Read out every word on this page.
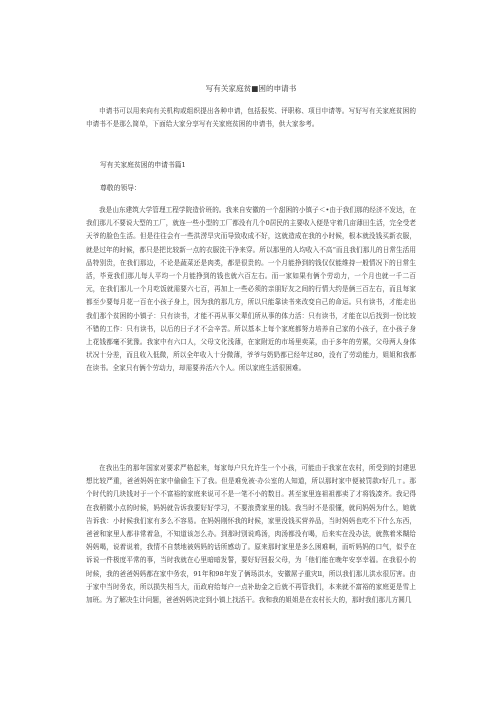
写有关家庭贫■困的申请书

申请书可以用来向有关机构或组织提出各种申请，包括报奖、评职称、项目申请等。写好写有关家庭贫困的申请书不是那么简单，下面给大家分享写有关家庭贫困的申请书，供大家参考。

写有关家庭贫困的申请书篇1
尊敬的领导：

我是山东建筑大学管理工程学院造价班的。我来自安徽的一个甜困的小镇子＜•由于我们那的经济不发达，在我们那儿不要说大型的工厂，就连一些小型的工厂都没有几个0居民的主要收入便是守着几亩薄田生活，完全受老天爷的脸色生活。但是往往会有一些洪涝旱灾而导致收成不好，这就造成在我的小时候，根本就没钱买新衣服，就是过年的时候，都只是把比较新一点的衣服洗干净来穿。所以那里的人均收入不高“而且我们那儿的日常生活用品特别贵，在我们那边，不论是蔬菜还是肉类，都是很贵的。一个月能挣到的钱仅仅能维持一般情况下的日常生活，毕竟我们那儿每人平均一个月能挣到的钱也就六百左右。而一家如果有俩个劳动力，一个月也就一千二百元，在我们那儿一个月吃饭就需要六七百，再加上一些必须的亲朋好友之间的行情大约是俩三百左右，而且每家都至少要每月花一百在小孩子身上，因为我的那几方，所以只能靠读书来改变自己的命运。只有读书，才能走出我们那个贫困的小镇子：只有读书，才能不再从事父辈们所从事的体力活：只有读书，才能在以后找到一份比较不错的工作：只有读书，以后的日子才不会辛苦。所以基本上每个家庭都努力培养自己家的小孩子，在小孩子身上花钱都毫不犹豫。我家中有六口人，父母文化浅薄，在家附近的市场里卖菜，由于多年的劳累，父母两人身体状况十分差，而且收入低微，所以全年收入十分微薄，爷爷与奶奶都已经年过80，没有了劳动能力，姐姐和我都在读书。全家只有俩个劳动力，却需要养活六个人。所以家庭生活很困难。

在我出生的那年国家对要求严格起来，每家每户只允许生一个小孩，可能由于我家在农村，所受到的封建思想比较严重，爸爸妈妈在家中偷偷生下了我。但是难免被·办公室的人知道，所以那时家中便被罚款r好几ㄒ。那个时代的几块钱对于一个不富裕的家庭来说可不是一笔不小的数目。甚至家里连祖祖都卖了才将钱凑齐。我记得在我稍微小点的时候，妈妈就告诉我要好好学习，不要浪费家里的钱。我当时不是很懂，就问妈妈为什么，她就告诉我：小时候我们家有多么不容易。在妈妈刚怀我的时候，家里没钱买营养品，当时妈妈也吃不下什么东西，爸爸和家里人都非常着急，不知道该怎么办。到那时别说鸡汤，肉汤都没有喝，后来实在没办法，就熬着米糊给妈妈喝，说着说着，我情不自禁地被妈妈的话所感动了。原来那时家里是多么困难啊，而听妈妈的口气，似乎在诉说一件极度平常的事，当时我就在心里暗暗发誓，要好好回报父母，为「他们能在晚年安享幸福。在我很小的时候，我的爸爸妈妈都在家中务农，91年和98年发了俩场洪水，安徽屌子重灾ll，所以我们那儿洪水很厉害。由于家中当时务农，所以损失相当大，而政府给每户一点补助金之后就不再管我们，本来就不富裕的家庭更是雪上加班。为了解决生计问题，爸爸妈妈决定到小镇上找活干。我和我的姐姐是在农村长大的，那时我们那儿方圆几
